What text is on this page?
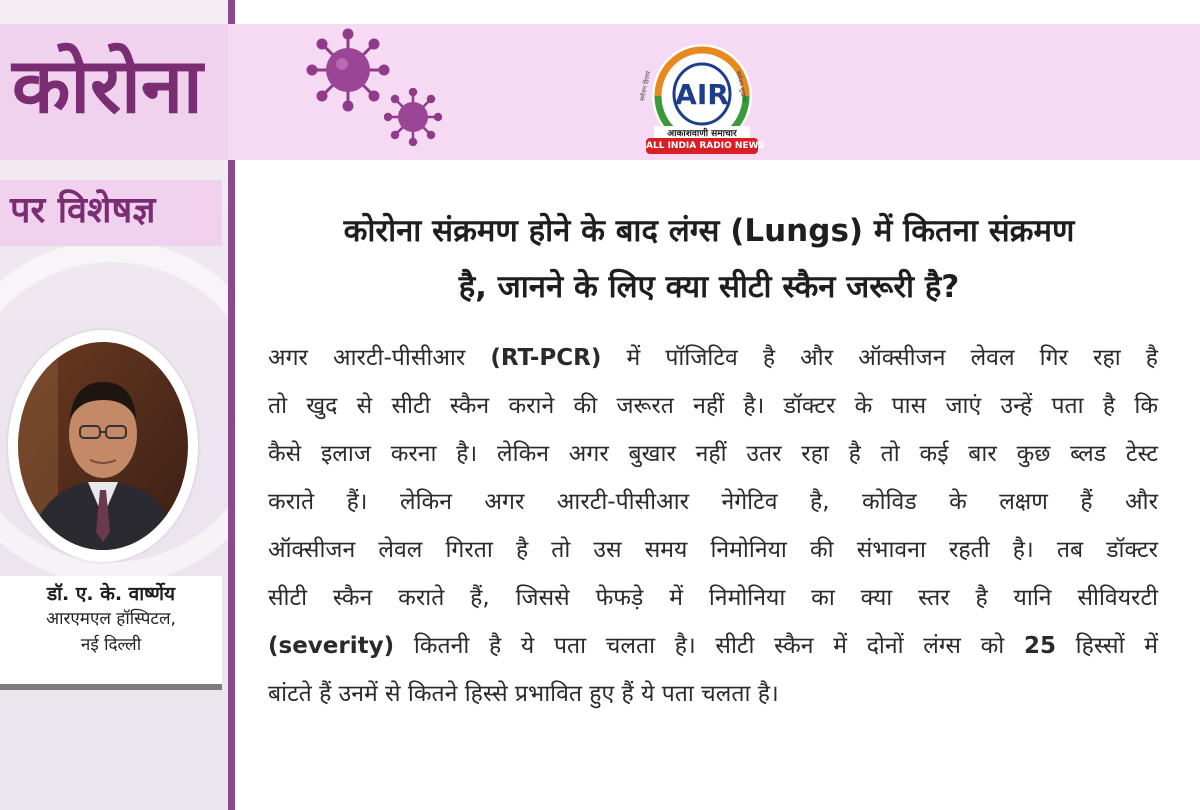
कोरोना	AIR
आकाशवाणी समाचार
ALL INDIA RADIO NEWS
सर्वजन हिताय	सर्वजन सुखाय
पर विशेषज्ञ	कोरोना संक्रमण होने के बाद लंग्स (Lungs) में कितना संक्रमण
है, जानने के लिए क्या सीटी स्कैन जरूरी है?
अगर आरटी-पीसीआर (RT-PCR) में पॉजिटिव है और ऑक्सीजन लेवल गिर रहा है
तो खुद से सीटी स्कैन कराने की जरूरत नहीं है। डॉक्टर के पास जाएं उन्हें पता है कि
कैसे इलाज करना है। लेकिन अगर बुखार नहीं उतर रहा है तो कई बार कुछ ब्लड टेस्ट
कराते हैं। लेकिन अगर आरटी-पीसीआर नेगेटिव है, कोविड के लक्षण हैं और
ऑक्सीजन लेवल गिरता है तो उस समय निमोनिया की संभावना रहती है। तब डॉक्टर
सीटी स्कैन कराते हैं, जिससे फेफड़े में निमोनिया का क्या स्तर है यानि सीवियरटी
(severity) कितनी है ये पता चलता है। सीटी स्कैन में दोनों लंग्स को 25 हिस्सों में
बांटते हैं उनमें से कितने हिस्से प्रभावित हुए हैं ये पता चलता है।
डॉ. ए. के. वार्ष्णेय
आरएमएल हॉस्पिटल,
नई दिल्ली
